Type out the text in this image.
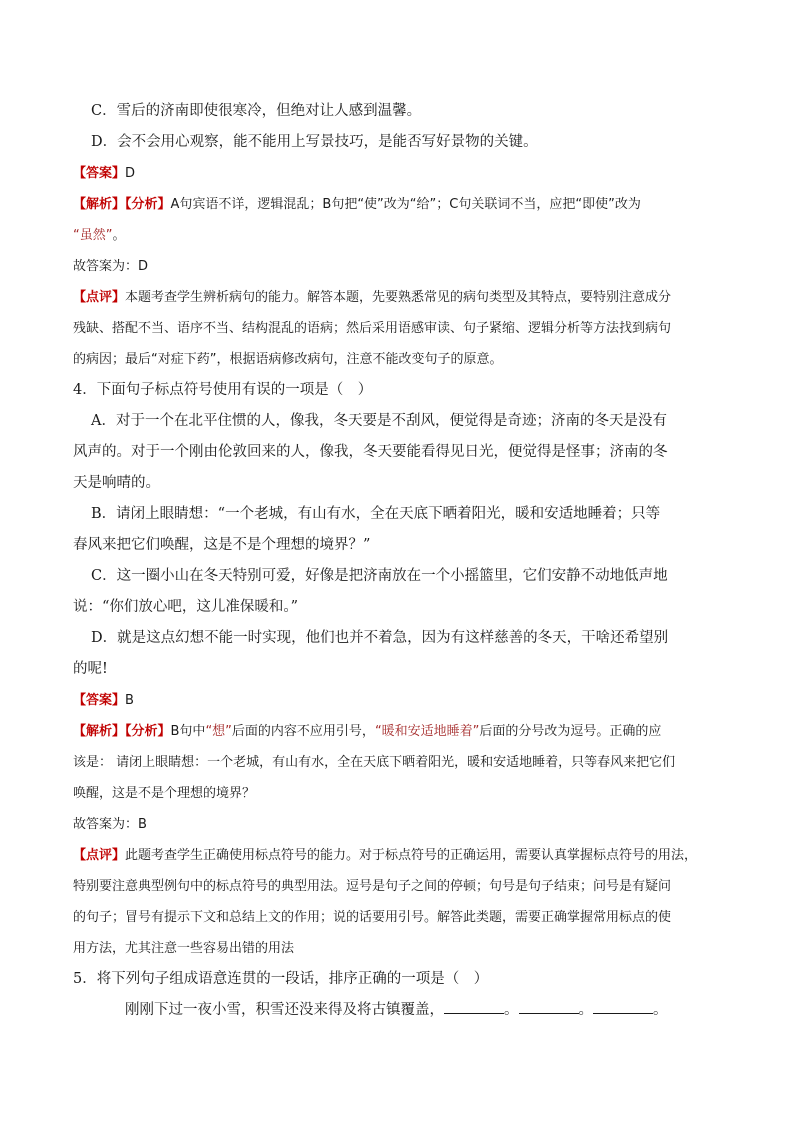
C．雪后的济南即使很寒冷，但绝对让人感到温馨。
D．会不会用心观察，能不能用上写景技巧，是能否写好景物的关键。
【答案】D
【解析】【分析】A句宾语不详，逻辑混乱；B句把“使”改为“给”；C句关联词不当，应把“即使”改为
“虽然”。
故答案为：D
【点评】本题考查学生辨析病句的能力。解答本题，先要熟悉常见的病句类型及其特点，要特别注意成分
残缺、搭配不当、语序不当、结构混乱的语病；然后采用语感审读、句子紧缩、逻辑分析等方法找到病句
的病因；最后“对症下药”，根据语病修改病句，注意不能改变句子的原意。
4．下面句子标点符号使用有误的一项是（　）
A．对于一个在北平住惯的人，像我，冬天要是不刮风，便觉得是奇迹；济南的冬天是没有
风声的。对于一个刚由伦敦回来的人，像我，冬天要能看得见日光，便觉得是怪事；济南的冬
天是响晴的。
B．请闭上眼睛想：“一个老城，有山有水，全在天底下晒着阳光，暖和安适地睡着；只等
春风来把它们唤醒，这是不是个理想的境界？”
C．这一圈小山在冬天特别可爱，好像是把济南放在一个小摇篮里，它们安静不动地低声地
说：“你们放心吧，这儿准保暖和。”
D．就是这点幻想不能一时实现，他们也并不着急，因为有这样慈善的冬天，干啥还希望别
的呢!
【答案】B
【解析】【分析】B句中“想”后面的内容不应用引号，“暖和安适地睡着”后面的分号改为逗号。正确的应
该是： 请闭上眼睛想：一个老城，有山有水，全在天底下晒着阳光，暖和安适地睡着，只等春风来把它们
唤醒，这是不是个理想的境界？
故答案为：B
【点评】此题考查学生正确使用标点符号的能力。对于标点符号的正确运用，需要认真掌握标点符号的用法，
特别要注意典型例句中的标点符号的典型用法。逗号是句子之间的停顿；句号是句子结束；问号是有疑问
的句子；冒号有提示下文和总结上文的作用；说的话要用引号。解答此类题，需要正确掌握常用标点的使
用方法，尤其注意一些容易出错的用法
5．将下列句子组成语意连贯的一段话，排序正确的一项是（　）
刚刚下过一夜小雪，积雪还没来得及将古镇覆盖，	。	。	。
